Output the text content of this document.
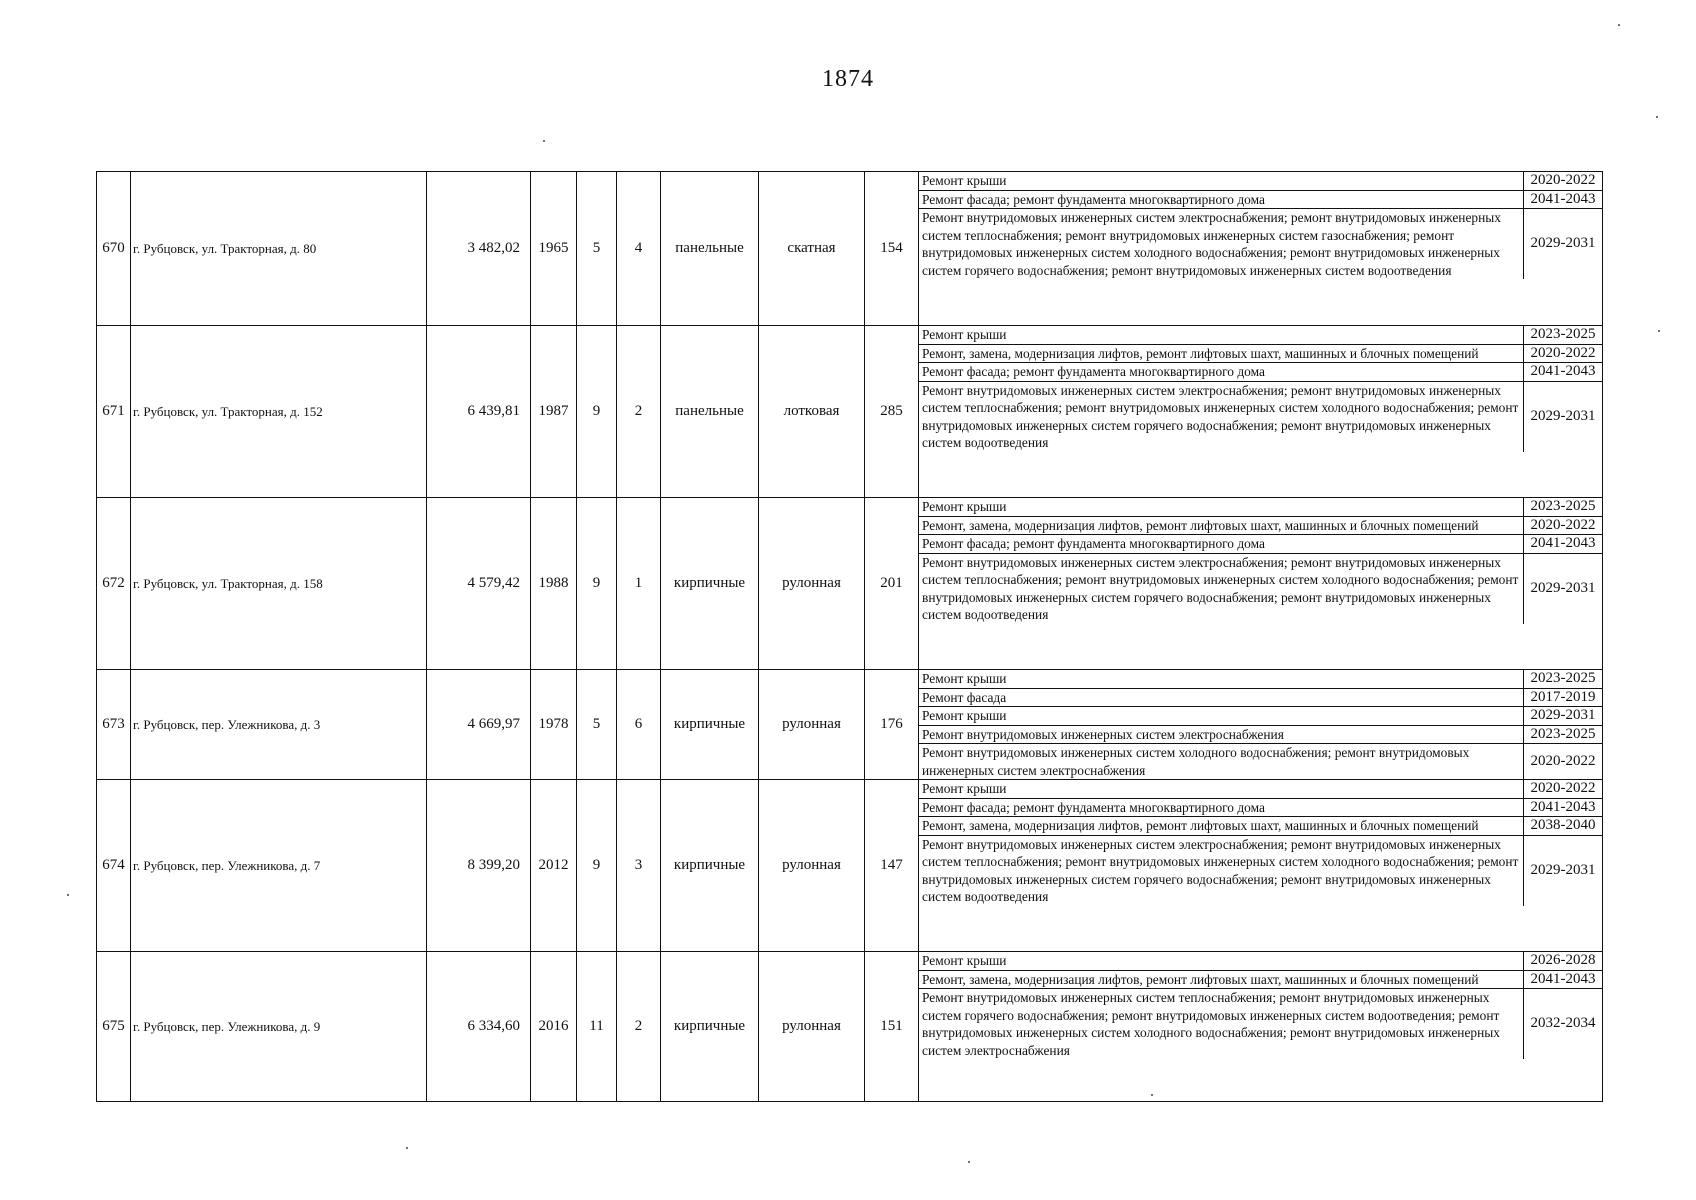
1874
670	г. Рубцовск, ул. Тракторная, д. 80	3 482,02	1965	5	4	панельные	скатная	154	
Ремонт крыши	2020-2022
Ремонт фасада; ремонт фундамента многоквартирного дома	2041-2043
Ремонт внутридомовых инженерных систем электроснабжения; ремонт внутридомовых инженерных систем теплоснабжения; ремонт внутридомовых инженерных систем газоснабжения; ремонт внутридомовых инженерных систем холодного водоснабжения; ремонт внутридомовых инженерных систем горячего водоснабжения; ремонт внутридомовых инженерных систем водоотведения	2029-2031

671	г. Рубцовск, ул. Тракторная, д. 152	6 439,81	1987	9	2	панельные	лотковая	285	
Ремонт крыши	2023-2025
Ремонт, замена, модернизация лифтов, ремонт лифтовых шахт, машинных и блочных помещений	2020-2022
Ремонт фасада; ремонт фундамента многоквартирного дома	2041-2043
Ремонт внутридомовых инженерных систем электроснабжения; ремонт внутридомовых инженерных систем теплоснабжения; ремонт внутридомовых инженерных систем холодного водоснабжения; ремонт внутридомовых инженерных систем горячего водоснабжения; ремонт внутридомовых инженерных систем водоотведения	2029-2031

672	г. Рубцовск, ул. Тракторная, д. 158	4 579,42	1988	9	1	кирпичные	рулонная	201	
Ремонт крыши	2023-2025
Ремонт, замена, модернизация лифтов, ремонт лифтовых шахт, машинных и блочных помещений	2020-2022
Ремонт фасада; ремонт фундамента многоквартирного дома	2041-2043
Ремонт внутридомовых инженерных систем электроснабжения; ремонт внутридомовых инженерных систем теплоснабжения; ремонт внутридомовых инженерных систем холодного водоснабжения; ремонт внутридомовых инженерных систем горячего водоснабжения; ремонт внутридомовых инженерных систем водоотведения	2029-2031

673	г. Рубцовск, пер. Улежникова, д. 3	4 669,97	1978	5	6	кирпичные	рулонная	176	
Ремонт крыши	2023-2025
Ремонт фасада	2017-2019
Ремонт крыши	2029-2031
Ремонт внутридомовых инженерных систем электроснабжения	2023-2025
Ремонт внутридомовых инженерных систем холодного водоснабжения; ремонт внутридомовых инженерных систем электроснабжения	2020-2022

674	г. Рубцовск, пер. Улежникова, д. 7	8 399,20	2012	9	3	кирпичные	рулонная	147	
Ремонт крыши	2020-2022
Ремонт фасада; ремонт фундамента многоквартирного дома	2041-2043
Ремонт, замена, модернизация лифтов, ремонт лифтовых шахт, машинных и блочных помещений	2038-2040
Ремонт внутридомовых инженерных систем электроснабжения; ремонт внутридомовых инженерных систем теплоснабжения; ремонт внутридомовых инженерных систем холодного водоснабжения; ремонт внутридомовых инженерных систем горячего водоснабжения; ремонт внутридомовых инженерных систем водоотведения	2029-2031

675	г. Рубцовск, пер. Улежникова, д. 9	6 334,60	2016	11	2	кирпичные	рулонная	151	
Ремонт крыши	2026-2028
Ремонт, замена, модернизация лифтов, ремонт лифтовых шахт, машинных и блочных помещений	2041-2043
Ремонт внутридомовых инженерных систем теплоснабжения; ремонт внутридомовых инженерных систем горячего водоснабжения; ремонт внутридомовых инженерных систем водоотведения; ремонт внутридомовых инженерных систем холодного водоснабжения; ремонт внутридомовых инженерных систем электроснабжения	2032-2034
